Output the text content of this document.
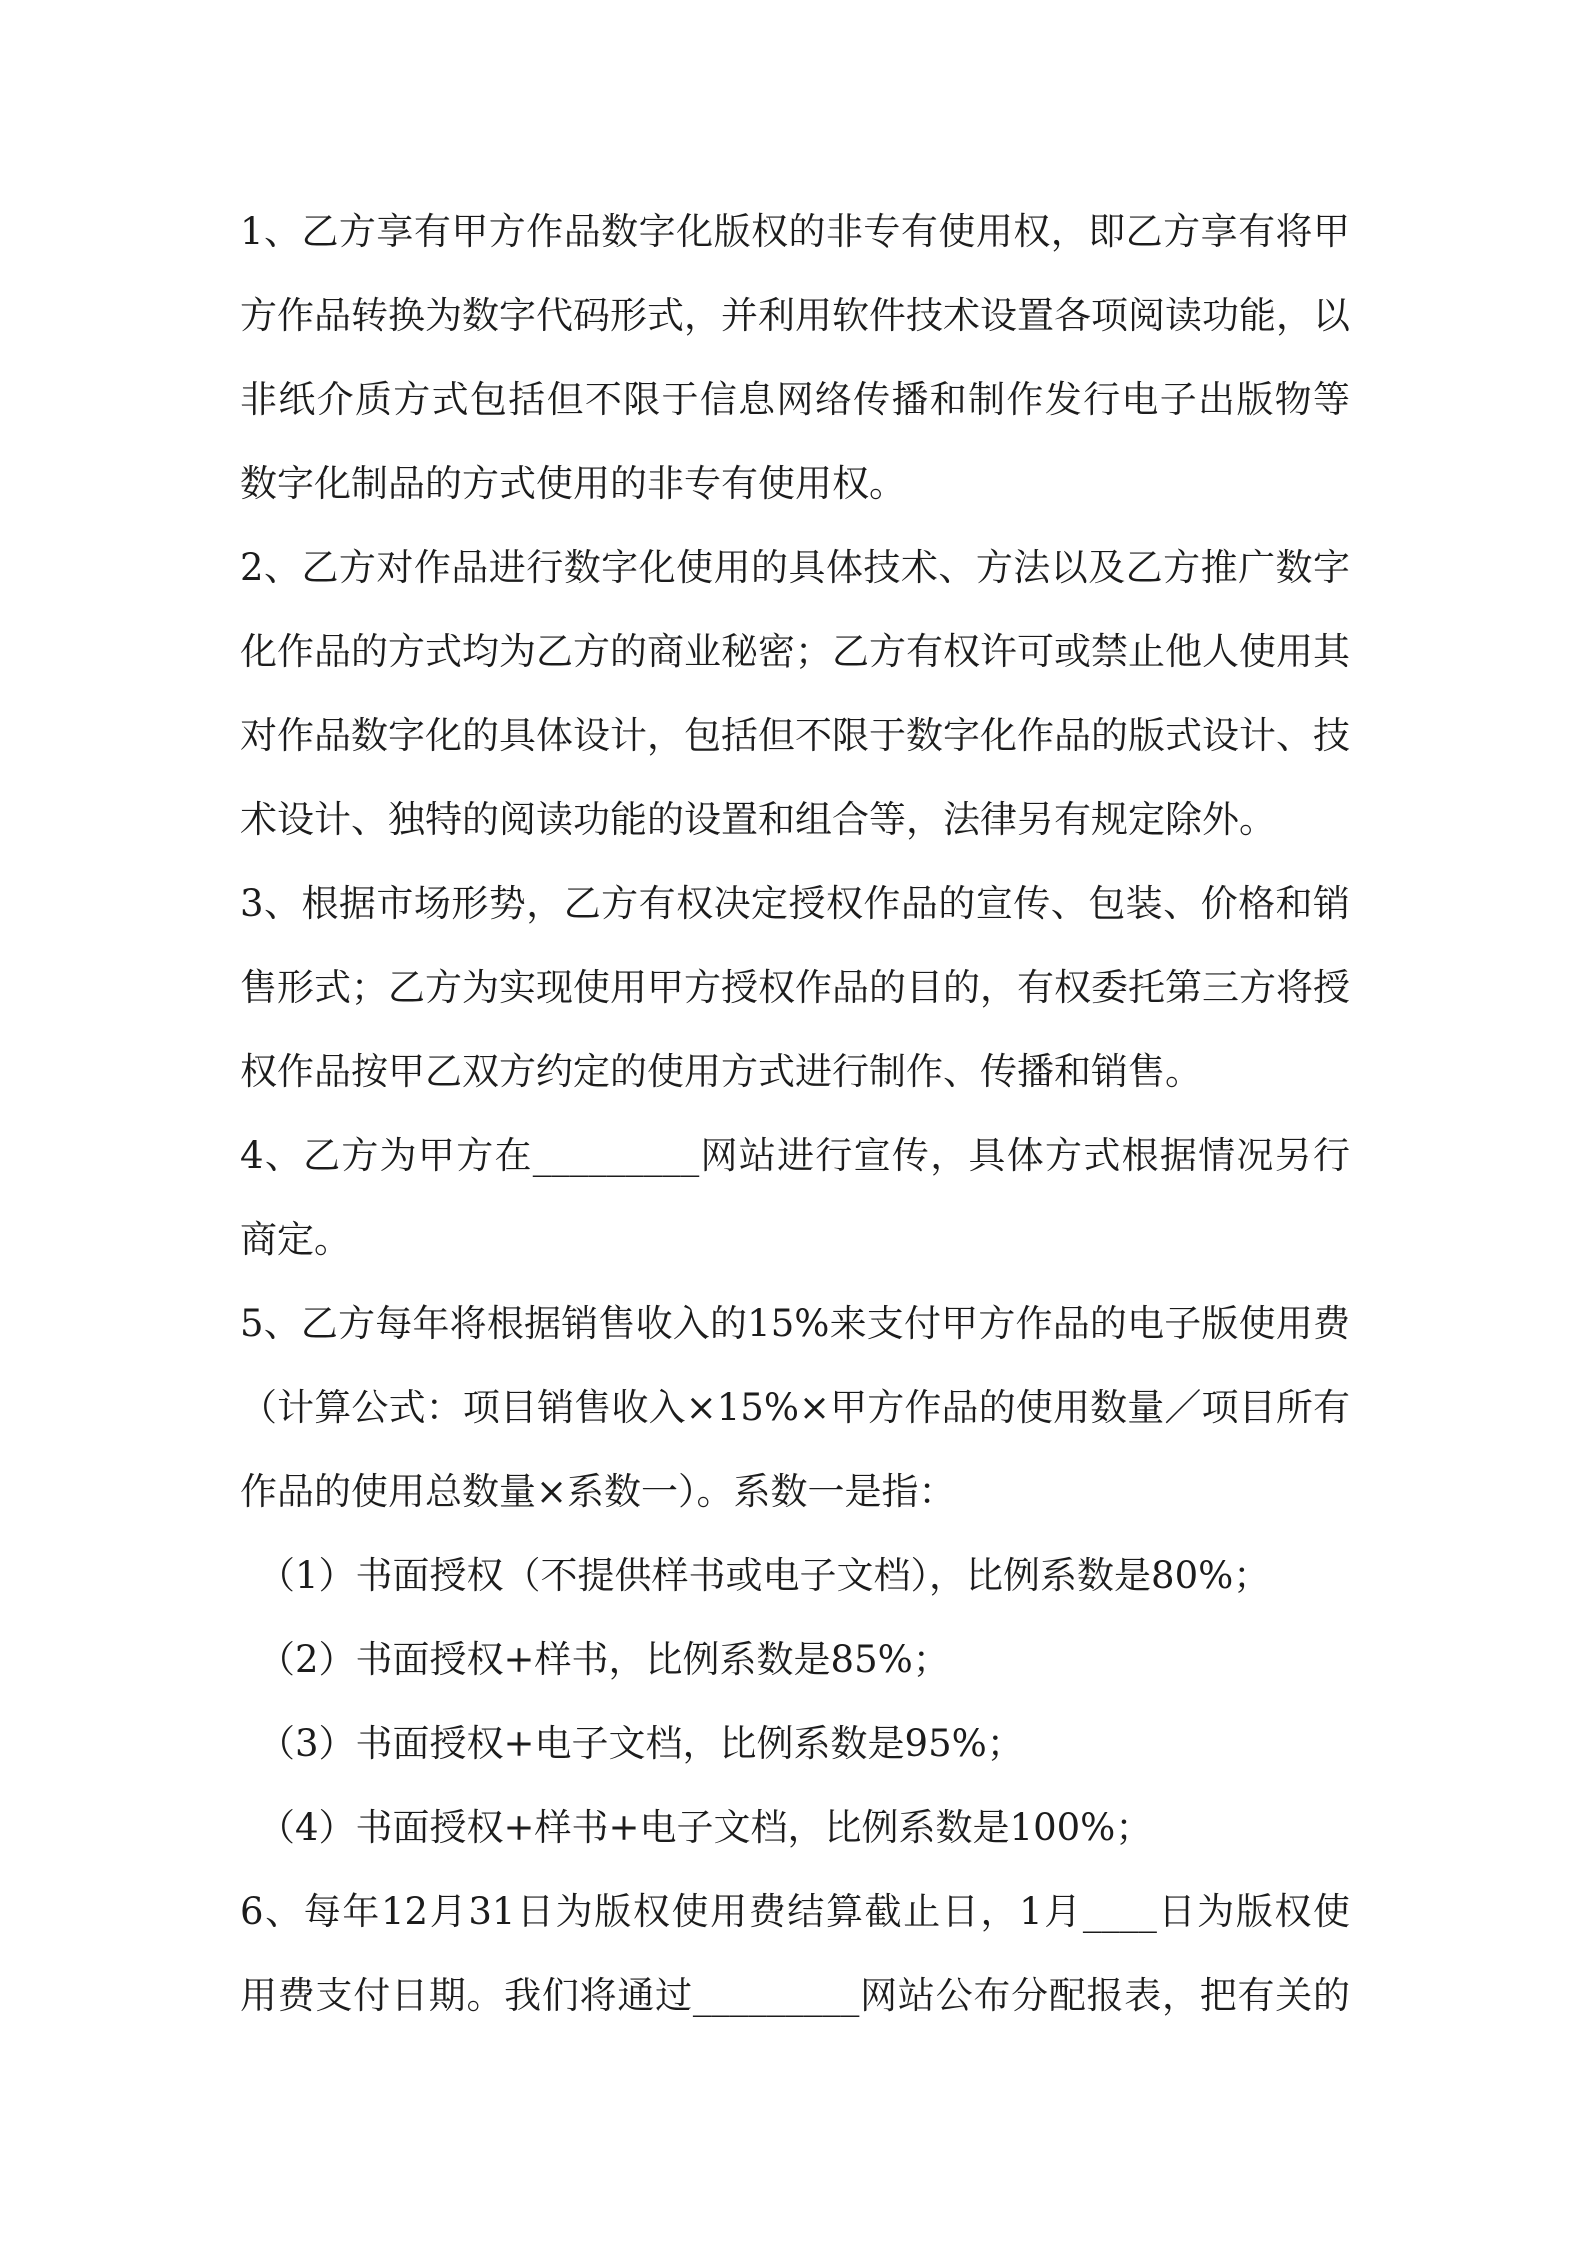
1、乙方享有甲方作品数字化版权的非专有使用权，即乙方享有将甲

方作品转换为数字代码形式，并利用软件技术设置各项阅读功能，以

非纸介质方式包括但不限于信息网络传播和制作发行电子出版物等

数字化制品的方式使用的非专有使用权。

2、乙方对作品进行数字化使用的具体技术、方法以及乙方推广数字

化作品的方式均为乙方的商业秘密；乙方有权许可或禁止他人使用其

对作品数字化的具体设计，包括但不限于数字化作品的版式设计、技

术设计、独特的阅读功能的设置和组合等，法律另有规定除外。

3、根据市场形势，乙方有权决定授权作品的宣传、包装、价格和销

售形式；乙方为实现使用甲方授权作品的目的，有权委托第三方将授

权作品按甲乙双方约定的使用方式进行制作、传播和销售。

4、乙方为甲方在_________网站进行宣传，具体方式根据情况另行

商定。

5、乙方每年将根据销售收入的15%来支付甲方作品的电子版使用费

（计算公式：项目销售收入×15%×甲方作品的使用数量／项目所有

作品的使用总数量×系数一）。系数一是指：

（1）书面授权（不提供样书或电子文档），比例系数是80%；

（2）书面授权+样书，比例系数是85%；

（3）书面授权+电子文档，比例系数是95%；

（4）书面授权+样书+电子文档，比例系数是100%；

6、每年12月31日为版权使用费结算截止日，1月____日为版权使

用费支付日期。我们将通过_________网站公布分配报表，把有关的
